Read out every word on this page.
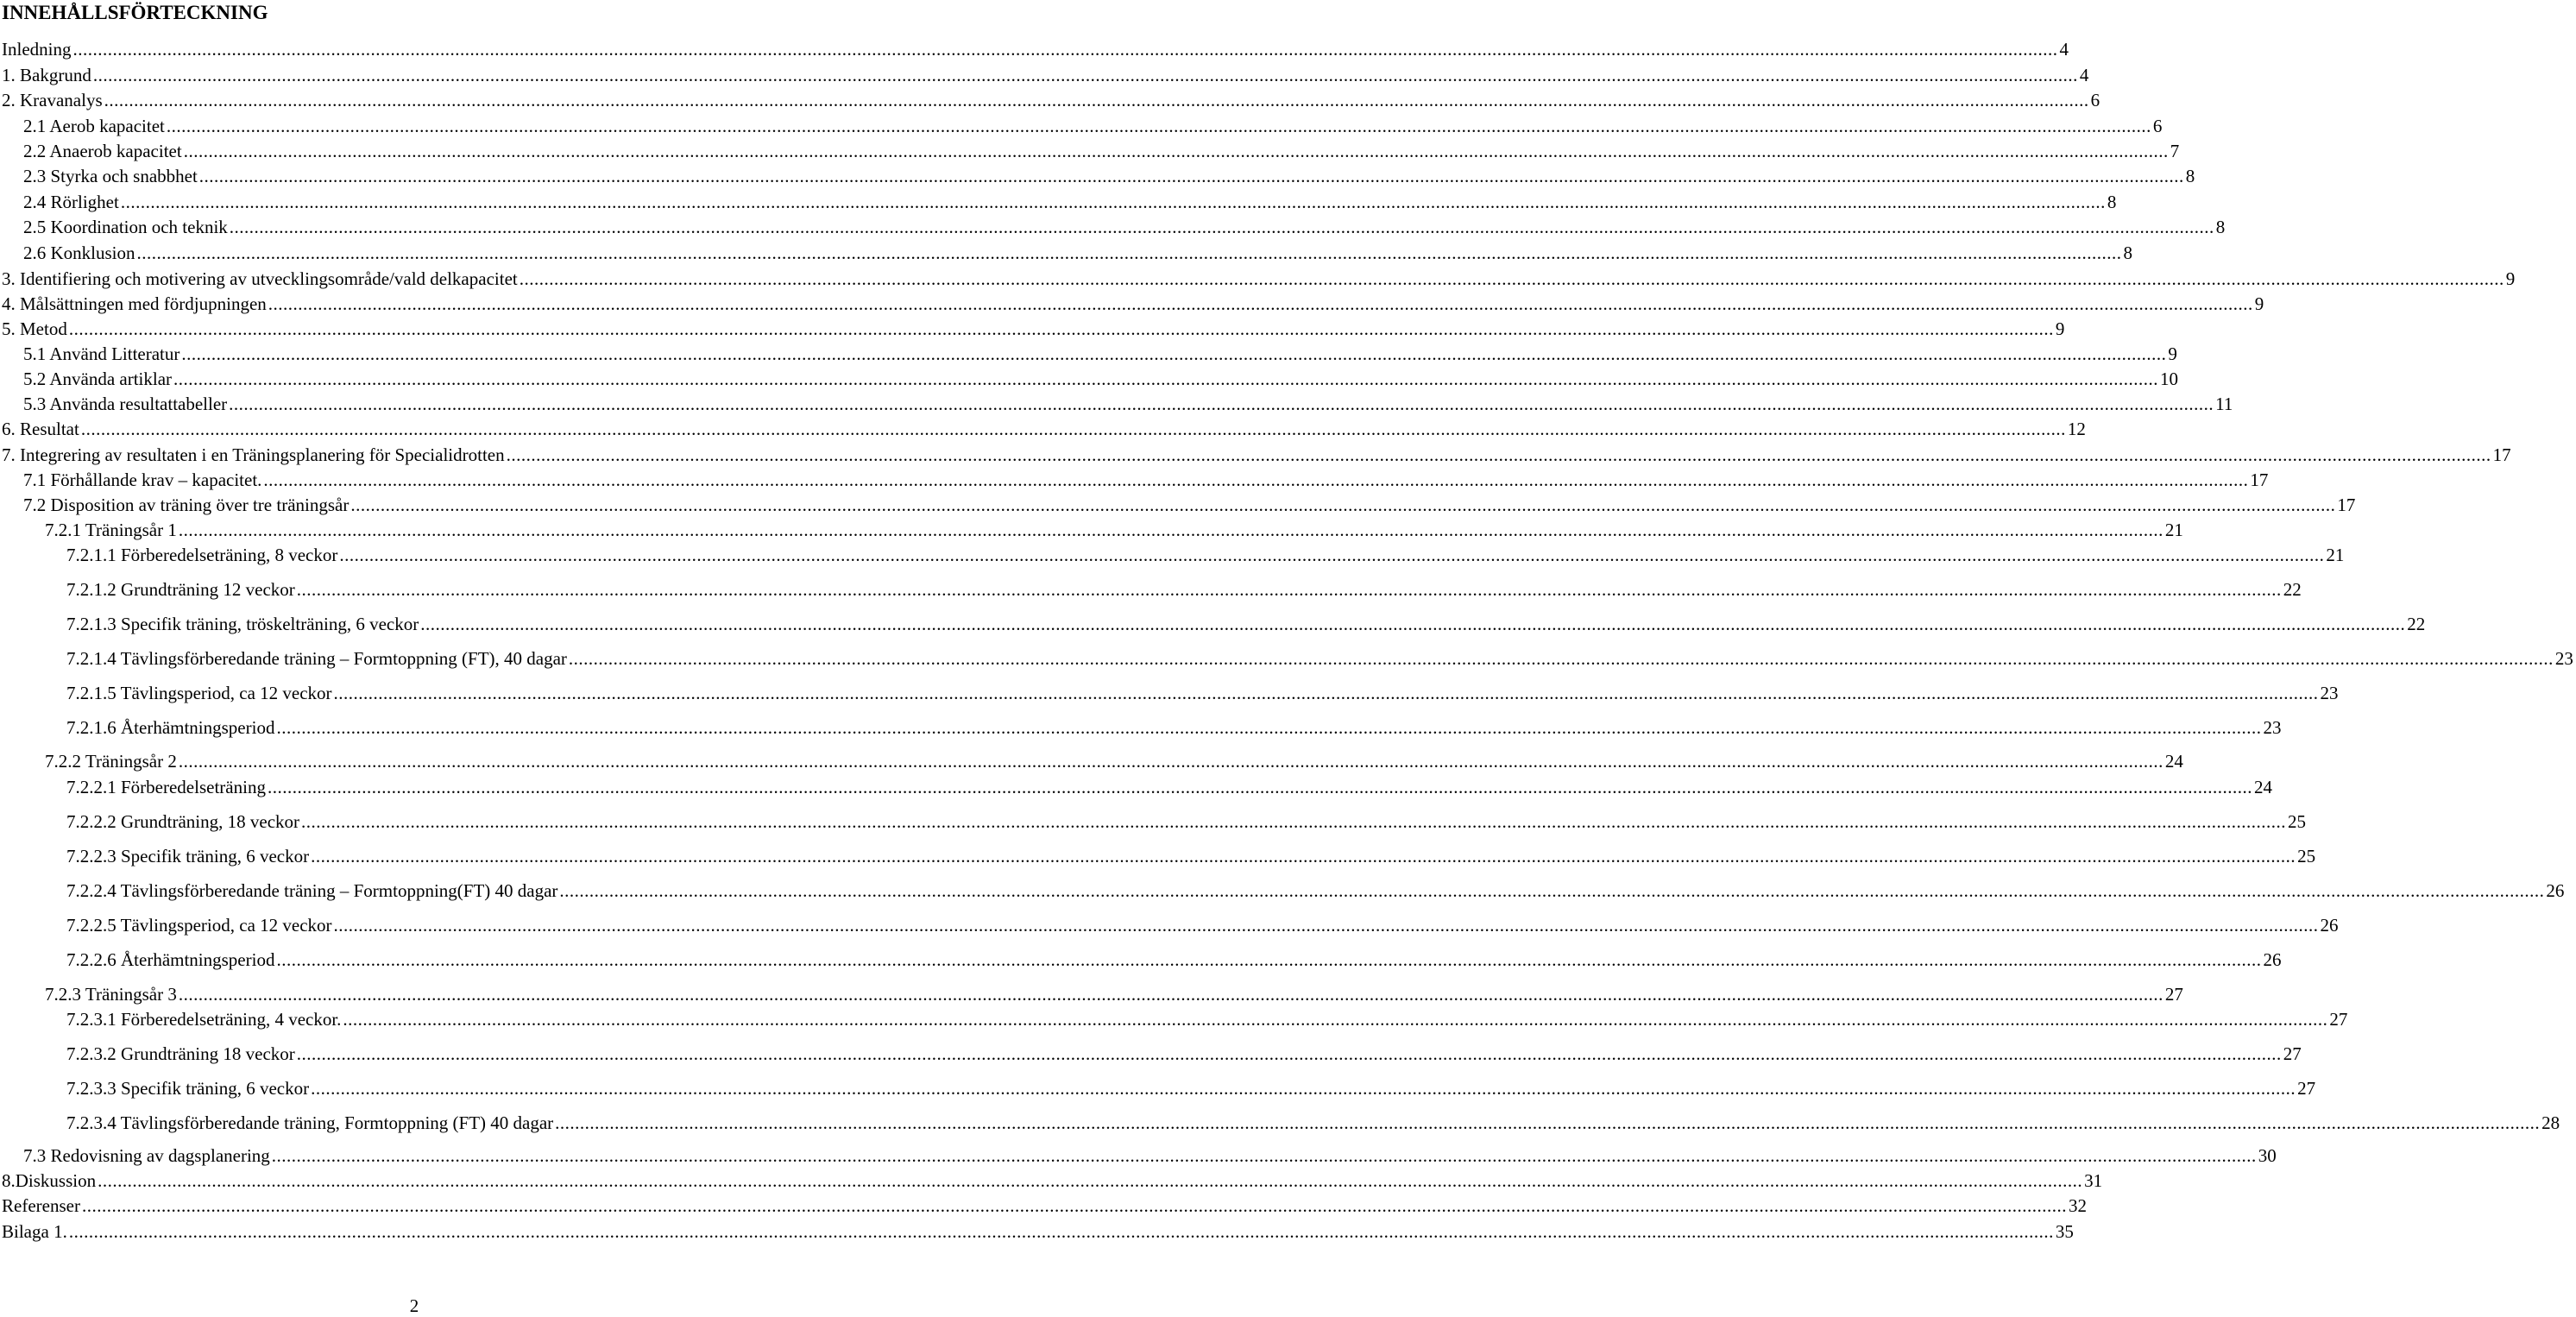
INNEHÅLLSFÖRTECKNING
Inledning ................................................................................................................................................................................................................................................................................................................................................................................................................ 4
1. Bakgrund ................................................................................................................................................................................................................................................................................................................................................................................................................ 4
2. Kravanalys ................................................................................................................................................................................................................................................................................................................................................................................................................ 6
2.1 Aerob kapacitet ................................................................................................................................................................................................................................................................................................................................................................................................................ 6
2.2 Anaerob kapacitet ................................................................................................................................................................................................................................................................................................................................................................................................................ 7
2.3 Styrka och snabbhet ................................................................................................................................................................................................................................................................................................................................................................................................................ 8
2.4 Rörlighet ................................................................................................................................................................................................................................................................................................................................................................................................................ 8
2.5 Koordination och teknik ................................................................................................................................................................................................................................................................................................................................................................................................................ 8
2.6 Konklusion ................................................................................................................................................................................................................................................................................................................................................................................................................ 8
3. Identifiering och motivering av utvecklingsområde/vald delkapacitet ................................................................................................................................................................................................................................................................................................................................................................................................................ 9
4. Målsättningen med fördjupningen ................................................................................................................................................................................................................................................................................................................................................................................................................ 9
5. Metod ................................................................................................................................................................................................................................................................................................................................................................................................................ 9
5.1 Använd Litteratur ................................................................................................................................................................................................................................................................................................................................................................................................................ 9
5.2 Använda artiklar ................................................................................................................................................................................................................................................................................................................................................................................................................ 10
5.3 Använda resultattabeller ................................................................................................................................................................................................................................................................................................................................................................................................................ 11
6. Resultat ................................................................................................................................................................................................................................................................................................................................................................................................................ 12
7. Integrering av resultaten i en Träningsplanering för Specialidrotten ................................................................................................................................................................................................................................................................................................................................................................................................................ 17
7.1 Förhållande krav – kapacitet. ................................................................................................................................................................................................................................................................................................................................................................................................................ 17
7.2 Disposition av träning över tre träningsår ................................................................................................................................................................................................................................................................................................................................................................................................................ 17
7.2.1 Träningsår 1 ................................................................................................................................................................................................................................................................................................................................................................................................................ 21
7.2.1.1 Förberedelseträning, 8 veckor ................................................................................................................................................................................................................................................................................................................................................................................................................ 21
7.2.1.2 Grundträning 12 veckor ................................................................................................................................................................................................................................................................................................................................................................................................................ 22
7.2.1.3 Specifik träning, tröskelträning, 6 veckor ................................................................................................................................................................................................................................................................................................................................................................................................................ 22
7.2.1.4 Tävlingsförberedande träning – Formtoppning (FT), 40 dagar ................................................................................................................................................................................................................................................................................................................................................................................................................ 23
7.2.1.5 Tävlingsperiod, ca 12 veckor ................................................................................................................................................................................................................................................................................................................................................................................................................ 23
7.2.1.6 Återhämtningsperiod ................................................................................................................................................................................................................................................................................................................................................................................................................ 23
7.2.2 Träningsår 2 ................................................................................................................................................................................................................................................................................................................................................................................................................ 24
7.2.2.1 Förberedelseträning ................................................................................................................................................................................................................................................................................................................................................................................................................ 24
7.2.2.2 Grundträning, 18 veckor ................................................................................................................................................................................................................................................................................................................................................................................................................ 25
7.2.2.3 Specifik träning, 6 veckor ................................................................................................................................................................................................................................................................................................................................................................................................................ 25
7.2.2.4 Tävlingsförberedande träning – Formtoppning(FT) 40 dagar ................................................................................................................................................................................................................................................................................................................................................................................................................ 26
7.2.2.5 Tävlingsperiod, ca 12 veckor ................................................................................................................................................................................................................................................................................................................................................................................................................ 26
7.2.2.6 Återhämtningsperiod ................................................................................................................................................................................................................................................................................................................................................................................................................ 26
7.2.3 Träningsår 3 ................................................................................................................................................................................................................................................................................................................................................................................................................ 27
7.2.3.1 Förberedelseträning, 4 veckor. ................................................................................................................................................................................................................................................................................................................................................................................................................ 27
7.2.3.2 Grundträning 18 veckor ................................................................................................................................................................................................................................................................................................................................................................................................................ 27
7.2.3.3 Specifik träning, 6 veckor ................................................................................................................................................................................................................................................................................................................................................................................................................ 27
7.2.3.4 Tävlingsförberedande träning, Formtoppning (FT) 40 dagar ................................................................................................................................................................................................................................................................................................................................................................................................................ 28
7.3 Redovisning av dagsplanering ................................................................................................................................................................................................................................................................................................................................................................................................................ 30
8.Diskussion ................................................................................................................................................................................................................................................................................................................................................................................................................ 31
Referenser ................................................................................................................................................................................................................................................................................................................................................................................................................ 32
Bilaga 1. ................................................................................................................................................................................................................................................................................................................................................................................................................ 35
2
